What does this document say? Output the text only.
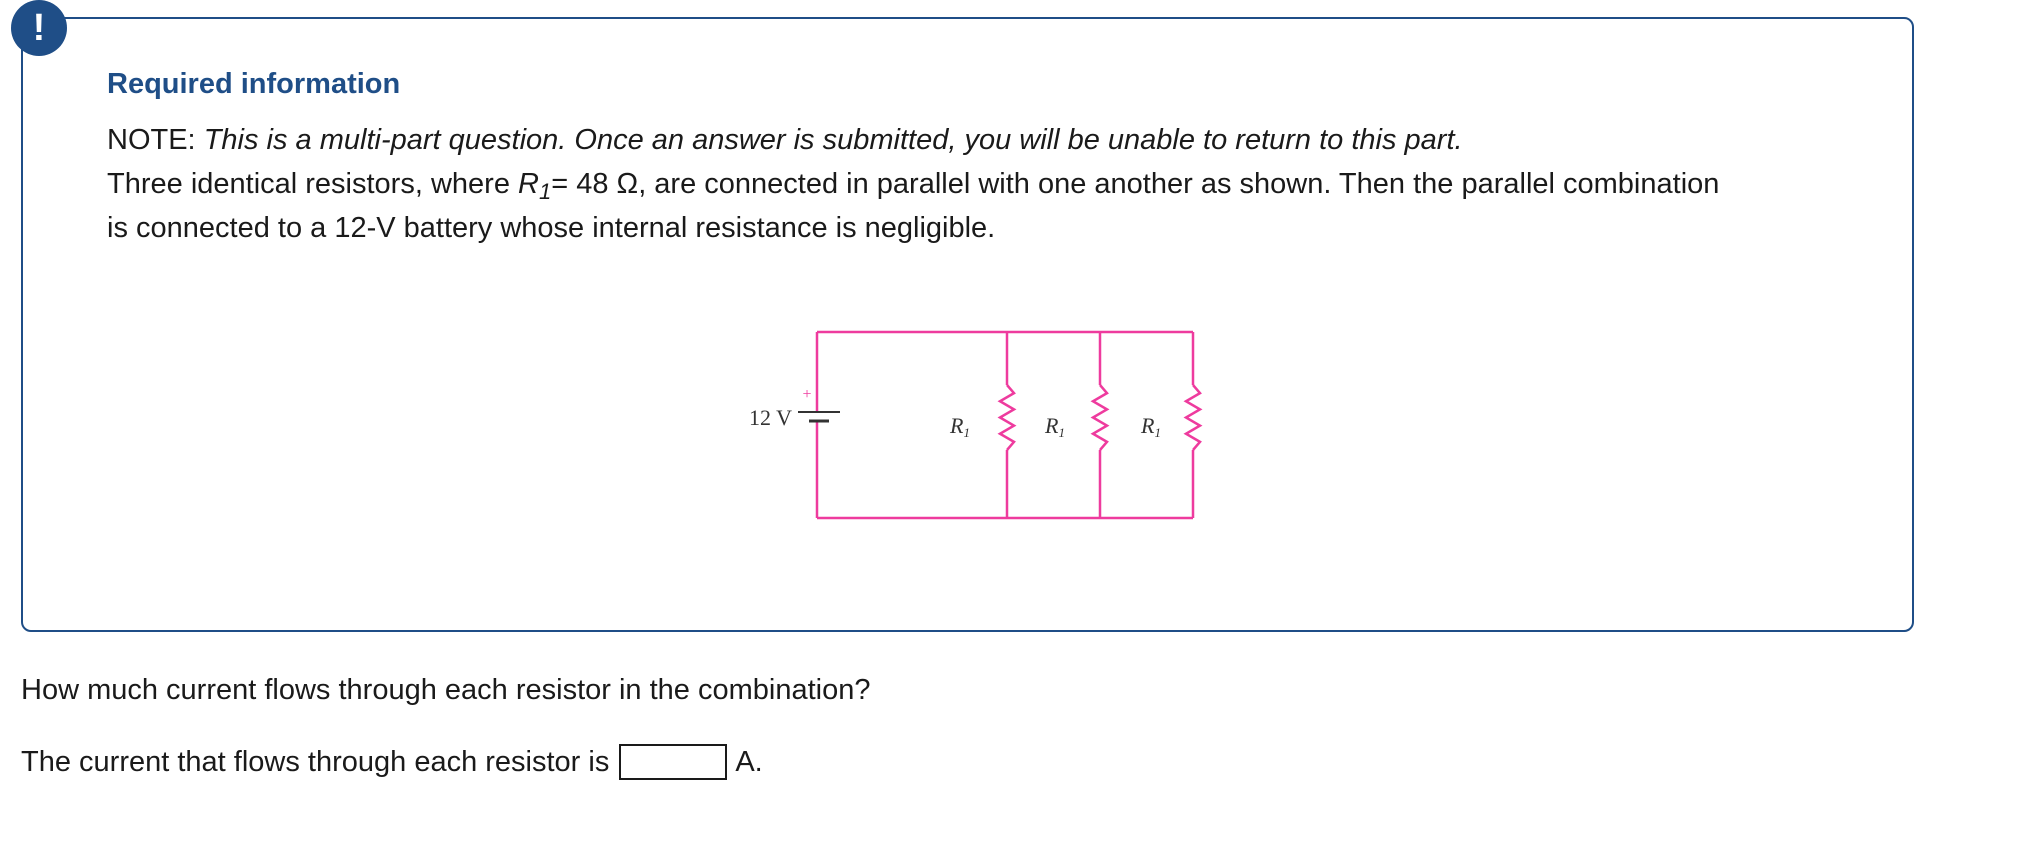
!
Required information

NOTE: This is a multi-part question. Once an answer is submitted, you will be unable to return to this part.

Three identical resistors, where $R_1= 48$ Ω, are connected in parallel with one another as shown. Then the parallel combination is connected to a 12-V battery whose internal resistance is negligible.

+
12 V	R1	R1	R1

How much current flows through each resistor in the combination?

The current that flows through each resistor is	A.
